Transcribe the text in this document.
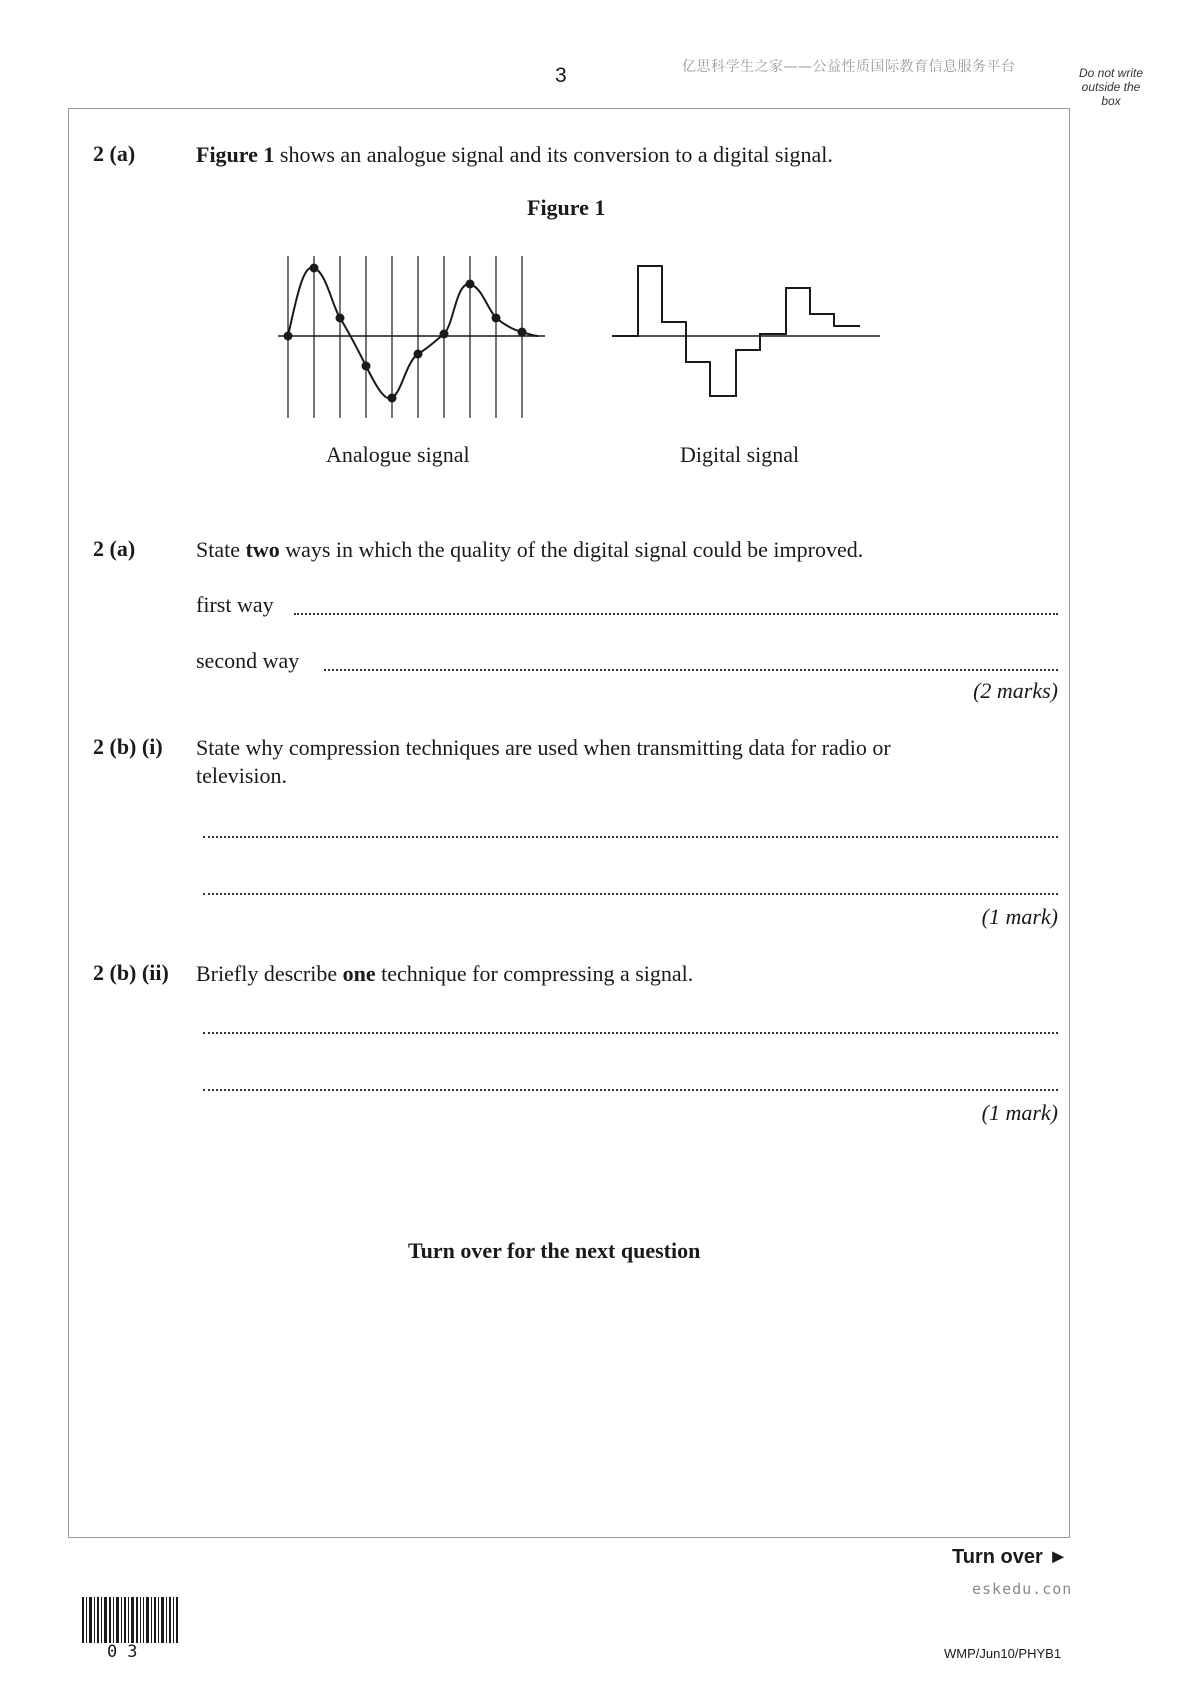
3	亿思科学生之家——公益性质国际教育信息服务平台	Do not write
outside the
box
2 (a)	Figure 1 shows an analogue signal and its conversion to a digital signal.
Figure 1
Analogue signal	Digital signal
2 (a)	State two ways in which the quality of the digital signal could be improved.
first way
second way
(2 marks)
2 (b) (i) State why compression techniques are used when transmitting data for radio or
television.
(1 mark)
2 (b) (ii) Briefly describe one technique for compressing a signal.
(1 mark)
Turn over for the next question
Turn over ►
eskedu.con
03	WMP/Jun10/PHYB1
